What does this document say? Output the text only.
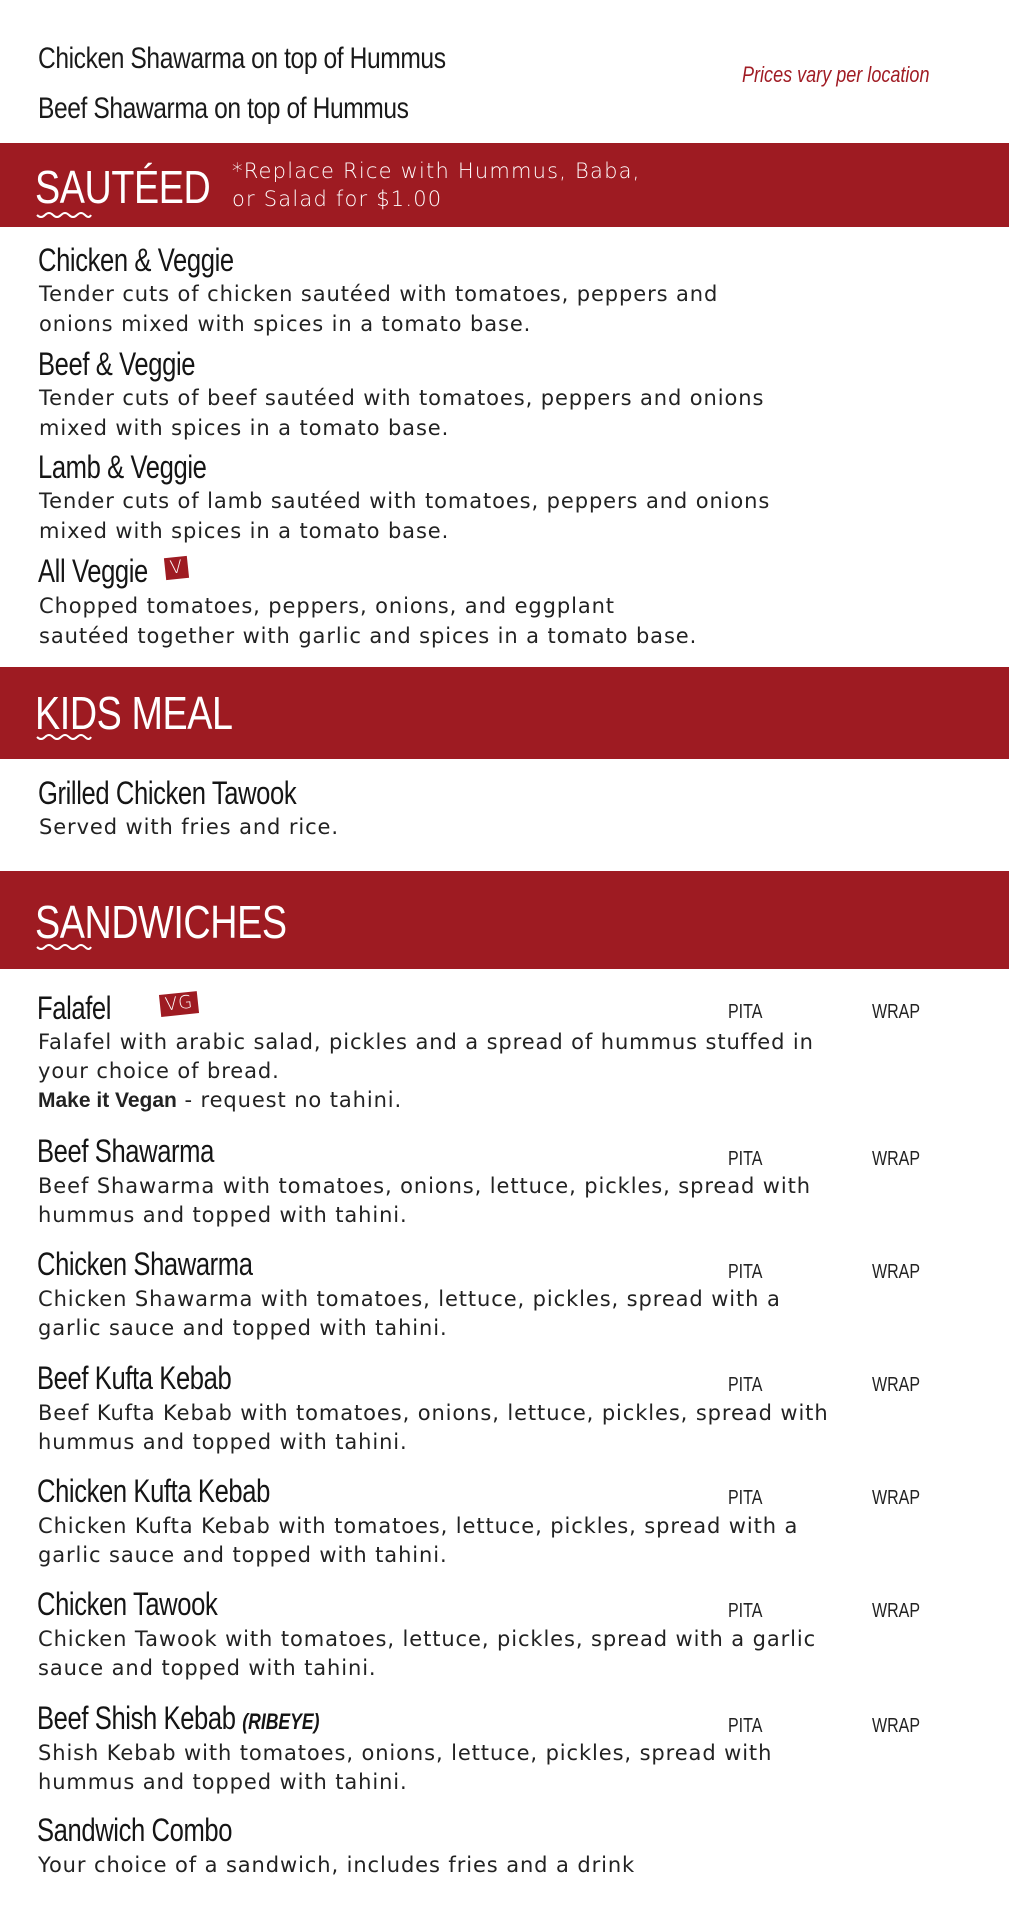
Chicken Shawarma on top of Hummus
Beef Shawarma on top of Hummus
Prices vary per location
SAUTÉED *Replace Rice with Hummus, Baba,
or Salad for $1.00
Chicken & Veggie
Tender cuts of chicken sautéed with tomatoes, peppers and
onions mixed with spices in a tomato base.
Beef & Veggie
Tender cuts of beef sautéed with tomatoes, peppers and onions
mixed with spices in a tomato base.
Lamb & Veggie
Tender cuts of lamb sautéed with tomatoes, peppers and onions
mixed with spices in a tomato base.
All Veggie V
Chopped tomatoes, peppers, onions, and eggplant
sautéed together with garlic and spices in a tomato base.
KIDS MEAL
Grilled Chicken Tawook
Served with fries and rice.
SANDWICHES
Falafel	VG	PITA	WRAP
Falafel with arabic salad, pickles and a spread of hummus stuffed in
your choice of bread.
Make it Vegan - request no tahini.
Beef Shawarma	PITA	WRAP
Beef Shawarma with tomatoes, onions, lettuce, pickles, spread with
hummus and topped with tahini.
Chicken Shawarma	PITA	WRAP
Chicken Shawarma with tomatoes, lettuce, pickles, spread with a
garlic sauce and topped with tahini.
Beef Kufta Kebab	PITA	WRAP
Beef Kufta Kebab with tomatoes, onions, lettuce, pickles, spread with
hummus and topped with tahini.
Chicken Kufta Kebab	PITA	WRAP
Chicken Kufta Kebab with tomatoes, lettuce, pickles, spread with a
garlic sauce and topped with tahini.
Chicken Tawook	PITA	WRAP
Chicken Tawook with tomatoes, lettuce, pickles, spread with a garlic
sauce and topped with tahini.
Beef Shish Kebab (RIBEYE)	PITA	WRAP
Shish Kebab with tomatoes, onions, lettuce, pickles, spread with
hummus and topped with tahini.
Sandwich Combo
Your choice of a sandwich, includes fries and a drink
